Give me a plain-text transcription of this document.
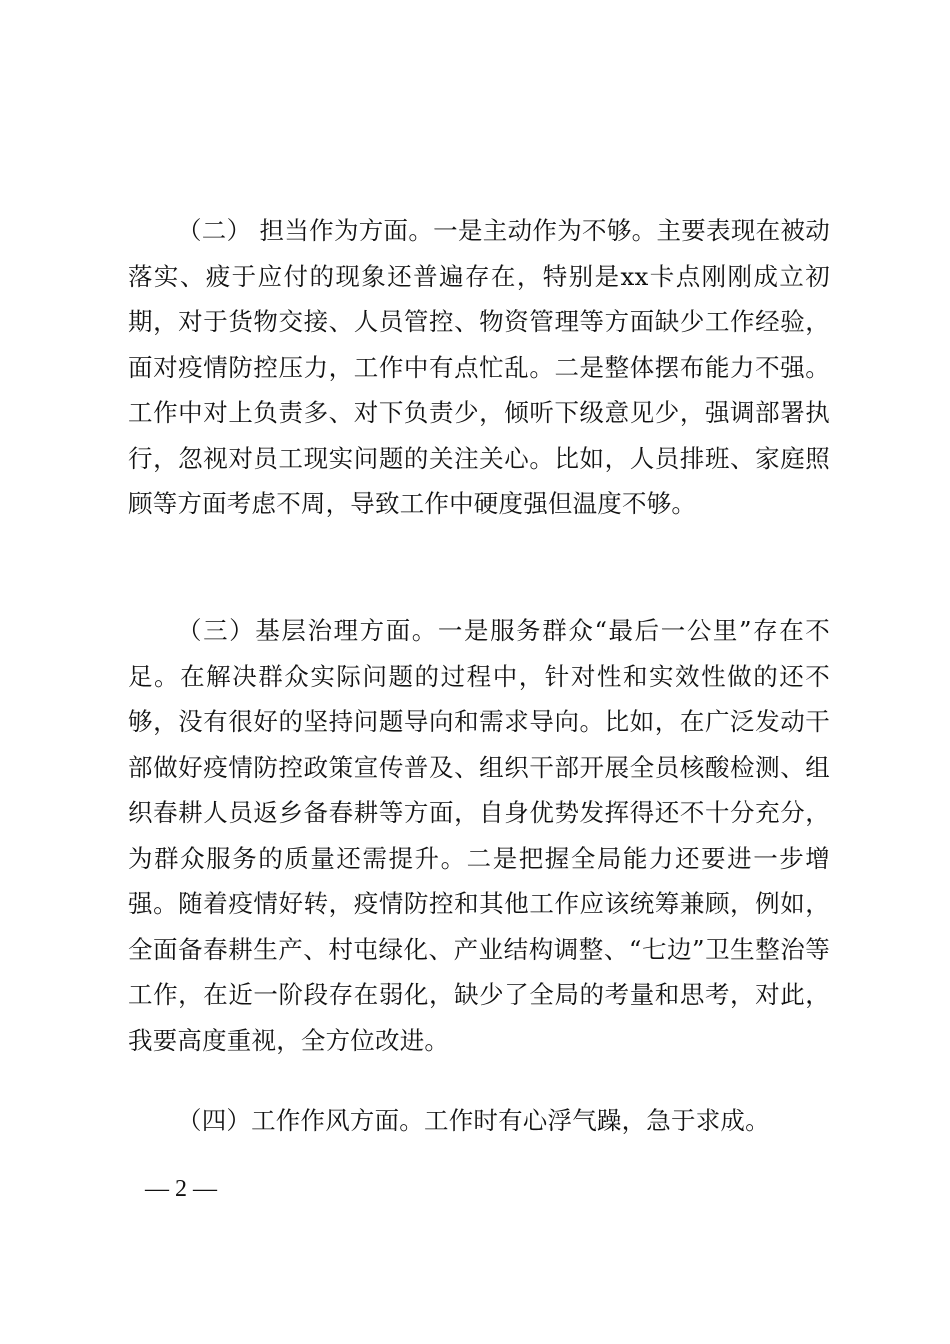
（二） 担当作为方面。一是主动作为不够。主要表现在被动落实、疲于应付的现象还普遍存在，特别是xx卡点刚刚成立初期，对于货物交接、人员管控、物资管理等方面缺少工作经验，面对疫情防控压力，工作中有点忙乱。二是整体摆布能力不强。工作中对上负责多、对下负责少，倾听下级意见少，强调部署执行，忽视对员工现实问题的关注关心。比如，人员排班、家庭照顾等方面考虑不周，导致工作中硬度强但温度不够。

（三）基层治理方面。一是服务群众“最后一公里”存在不足。在解决群众实际问题的过程中，针对性和实效性做的还不够，没有很好的坚持问题导向和需求导向。比如，在广泛发动干部做好疫情防控政策宣传普及、组织干部开展全员核酸检测、组织春耕人员返乡备春耕等方面，自身优势发挥得还不十分充分，为群众服务的质量还需提升。二是把握全局能力还要进一步增强。随着疫情好转，疫情防控和其他工作应该统筹兼顾，例如，全面备春耕生产、村屯绿化、产业结构调整、“七边”卫生整治等工作，在近一阶段存在弱化，缺少了全局的考量和思考，对此，我要高度重视，全方位改进。

（四）工作作风方面。工作时有心浮气躁，急于求成。

— 2 —
